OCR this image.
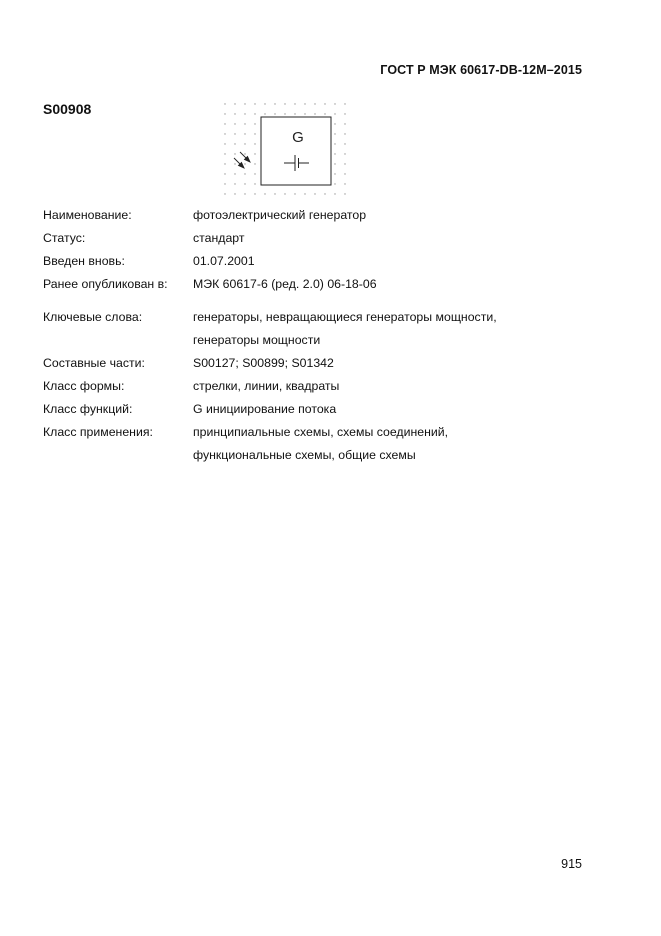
ГОСТ Р МЭК 60617-DB-12M–2015
S00908
G
Наименование:	фотоэлектрический генератор
Статус:	стандарт
Введен вновь:	01.07.2001
Ранее опубликован в:	МЭК 60617-6 (ред. 2.0) 06-18-06
Ключевые слова:	генераторы, невращающиеся генераторы мощности,
генераторы мощности
Составные части:	S00127; S00899; S01342
Класс формы:	стрелки, линии, квадраты
Класс функций:	G инициирование потока
Класс применения:	принципиальные схемы, схемы соединений,
функциональные схемы, общие схемы
915
